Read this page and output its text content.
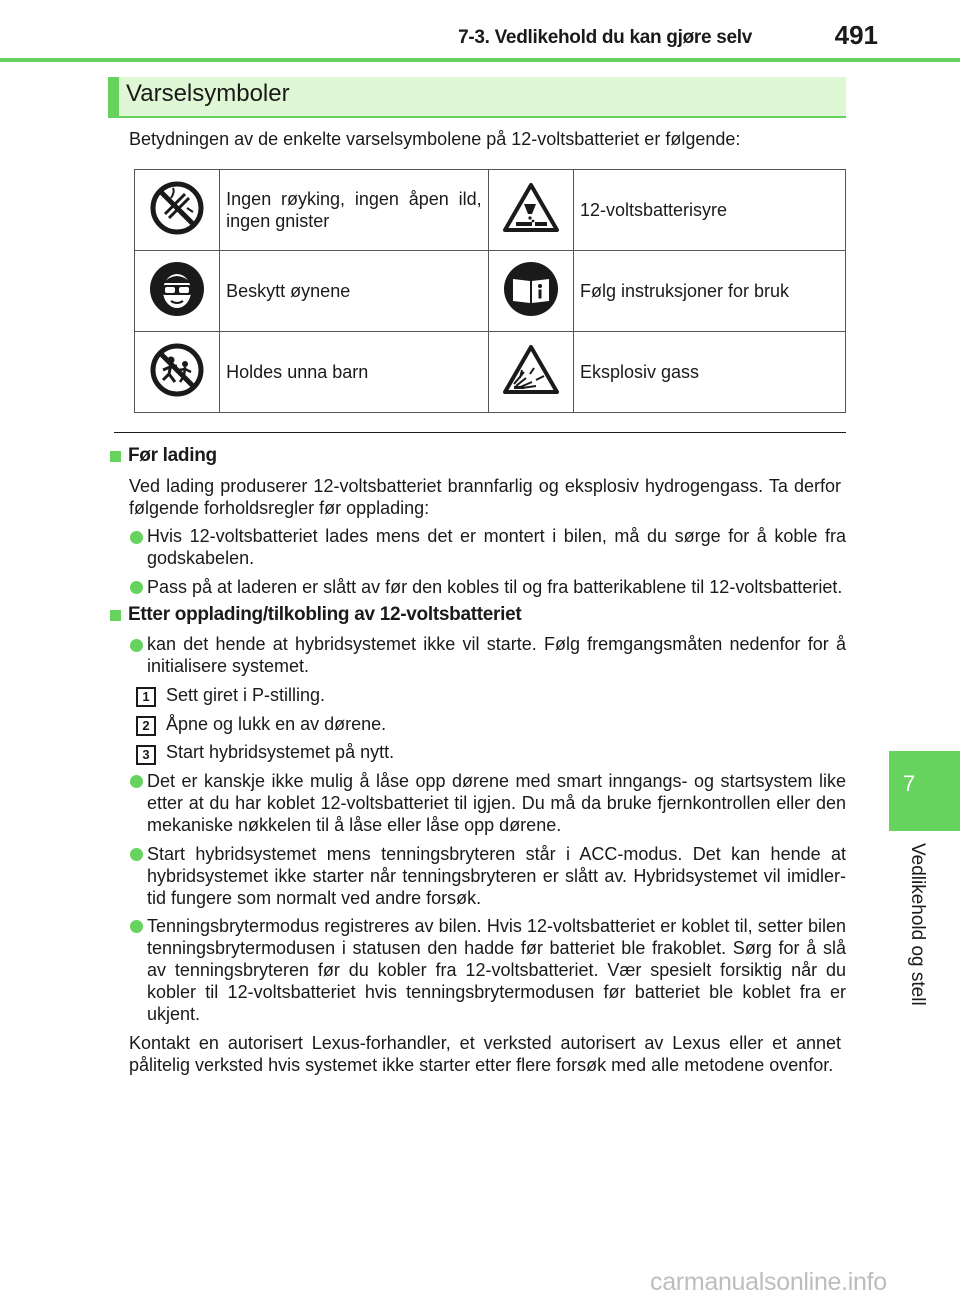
7-3. Vedlikehold du kan gjøre selv	491
7
Vedlikehold og stell
Varselsymboler
Betydningen av de enkelte varselsymbolene på 12-voltsbatteriet er følgende:
	Ingen røyking, ingen åpen ild, ingen gnister		12-voltsbatterisyre
	Beskytt øynene		Følg instruksjoner for bruk
	Holdes unna barn		Eksplosiv gass
Før lading
Ved lading produserer 12-voltsbatteriet brannfarlig og eksplosiv hydrogengass. Ta derfor følgende forholdsregler før opplading:
Hvis 12-voltsbatteriet lades mens det er montert i bilen, må du sørge for å koble fra godskabelen.
Pass på at laderen er slått av før den kobles til og fra batterikablene til 12-voltsbatteriet.
Etter opplading/tilkobling av 12-voltsbatteriet
kan det hende at hybridsystemet ikke vil starte. Følg fremgangsmåten nedenfor for å initialisere systemet.
1 Sett giret i P-stilling.
2 Åpne og lukk en av dørene.
3 Start hybridsystemet på nytt.
Det er kanskje ikke mulig å låse opp dørene med smart inngangs- og startsystem like etter at du har koblet 12-voltsbatteriet til igjen. Du må da bruke fjernkontrollen eller den mekaniske nøkkelen til å låse eller låse opp dørene.
Start hybridsystemet mens tenningsbryteren står i ACC-modus. Det kan hende at hybridsystemet ikke starter når tenningsbryteren er slått av. Hybridsystemet vil imidler-tid fungere som normalt ved andre forsøk.
Tenningsbrytermodus registreres av bilen. Hvis 12-voltsbatteriet er koblet til, setter bilen tenningsbrytermodusen i statusen den hadde før batteriet ble frakoblet. Sørg for å slå av tenningsbryteren før du kobler fra 12-voltsbatteriet. Vær spesielt forsiktig når du kobler til 12-voltsbatteriet hvis tenningsbrytermodusen før batteriet ble koblet fra er ukjent.
Kontakt en autorisert Lexus-forhandler, et verksted autorisert av Lexus eller et annet pålitelig verksted hvis systemet ikke starter etter flere forsøk med alle metodene ovenfor.
carmanualsonline.info
